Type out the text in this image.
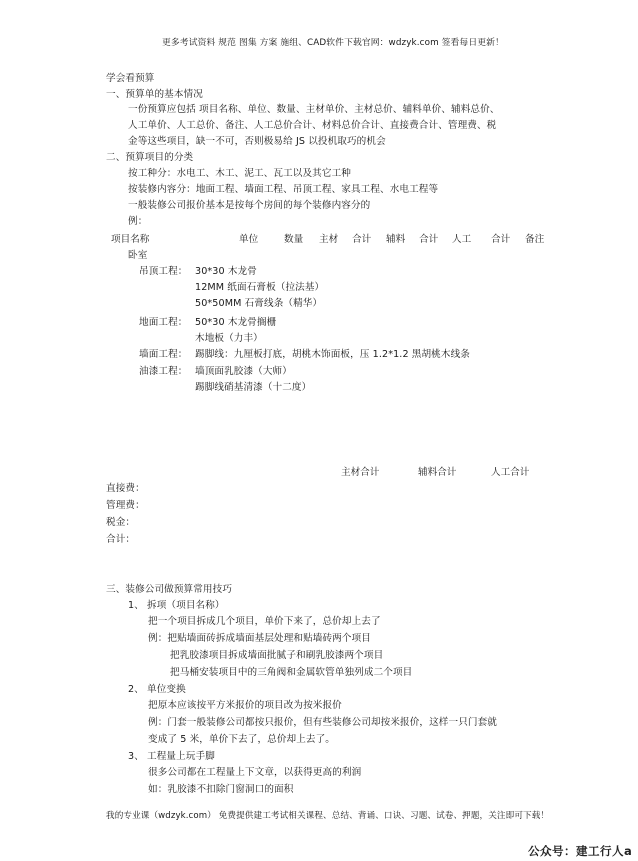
更多考试资料 规范 图集 方案 施组、CAD软件下载官网：wdzyk.com 签看每日更新！
学会看预算
一、预算单的基本情况
一份预算应包括 项目名称、单位、数量、主材单价、主材总价、辅料单价、辅料总价、
人工单价、人工总价、备注、人工总价合计、材料总价合计、直接费合计、管理费、税
金等这些项目，缺一不可，否则极易给 JS 以投机取巧的机会
二、预算项目的分类
按工种分：水电工、木工、泥工、瓦工以及其它工种
按装修内容分：地面工程、墙面工程、吊顶工程、家具工程、水电工程等
一般装修公司报价基本是按每个房间的每个装修内容分的
例：
项目名称	单位	数量 主材 合计 辅料 合计 人工 合计 备注
卧室
吊顶工程： 30*30 木龙骨
12MM 纸面石膏板（拉法基）
50*50MM 石膏线条（精华）
地面工程： 50*30 木龙骨搁栅
木地板（力丰）
墙面工程： 踢脚线：九厘板打底，胡桃木饰面板，压 1.2*1.2 黑胡桃木线条
油漆工程： 墙顶面乳胶漆（大师）
踢脚线硝基清漆（十二度）
主材合计	辅料合计	人工合计
直接费：
管理费：
税金：
合计：
三、装修公司做预算常用技巧
1、 拆项（项目名称）
把一个项目拆成几个项目，单价下来了，总价却上去了
例：把贴墙面砖拆成墙面基层处理和贴墙砖两个项目
把乳胶漆项目拆成墙面批腻子和刷乳胶漆两个项目
把马桶安装项目中的三角阀和金属软管单独列成二个项目
2、 单位变换
把原本应该按平方米报价的项目改为按米报价
例：门套一般装修公司都按只报价，但有些装修公司却按米报价，这样一只门套就
变成了 5 米，单价下去了，总价却上去了。
3、 工程量上玩手脚
很多公司都在工程量上下文章，以获得更高的利润
如：乳胶漆不扣除门窗洞口的面积
我的专业课（wdzyk.com） 免费提供建工考试相关课程、总结、背诵、口诀、习题、试卷、押题，关注即可下载！
公众号：建工行人a
